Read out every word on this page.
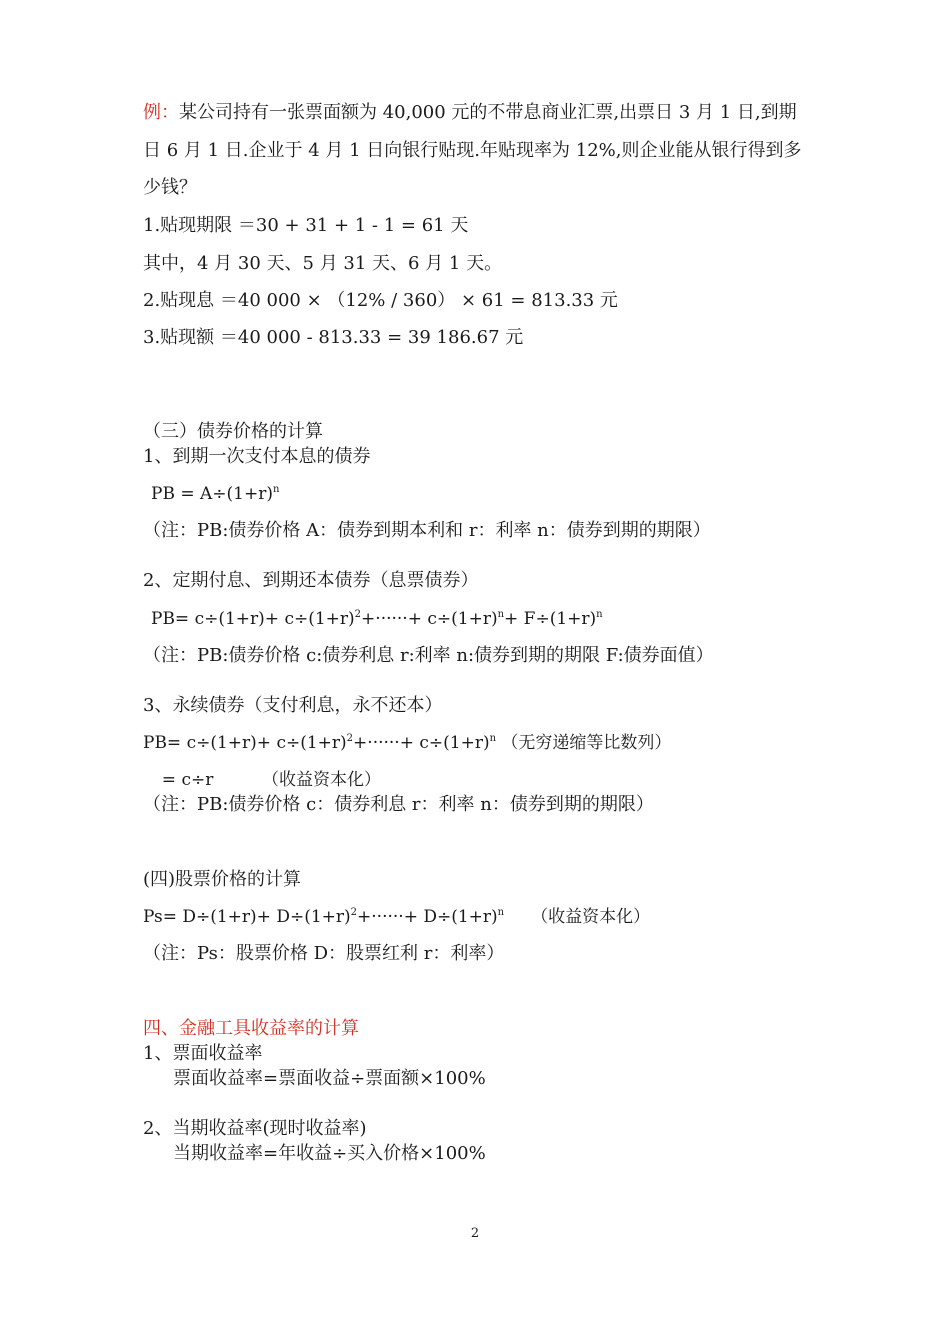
例：某公司持有一张票面额为 40,000 元的不带息商业汇票,出票日 3 月 1 日,到期
日 6 月 1 日.企业于 4 月 1 日向银行贴现.年贴现率为 12%,则企业能从银行得到多
少钱？
1.贴现期限 ＝30 + 31 + 1 - 1 = 61 天
其中，4 月 30 天、5 月 31 天、6 月 1 天。
2.贴现息 ＝40 000 × （12% / 360） × 61 = 813.33 元
3.贴现额 ＝40 000 - 813.33 = 39 186.67 元
（三）债券价格的计算
1、到期一次支付本息的债券
PB = $A\div(1+r)^n$
（注：PB:债券价格 A：债券到期本利和 r：利率 n：债券到期的期限）
2、定期付息、到期还本债券（息票债券）
$PB= c\div(1+r)+ c\div(1+r)^2+\cdot\cdot\cdot\cdot\cdot\cdot+ c\div(1+r)^n+ F\div(1+r)^n$
（注：PB:债券价格 c:债券利息 r:利率 n:债券到期的期限 F:债券面值）
3、永续债券（支付利息，永不还本）
$PB= c\div(1+r)+ c\div(1+r)^2+\cdot\cdot\cdot\cdot\cdot\cdot+ c\div(1+r)^n$ （无穷递缩等比数列）
= c÷r         （收益资本化）
（注：PB:债券价格 c：债券利息 r：利率 n：债券到期的期限）
(四)股票价格的计算
$Ps= D\div(1+r)+ D\div(1+r)^2+\cdot\cdot\cdot\cdot\cdot\cdot+ D\div(1+r)^n$     （收益资本化）
（注：Ps：股票价格 D：股票红利 r：利率）
四、金融工具收益率的计算
1、票面收益率
票面收益率=票面收益÷票面额×100%
2、当期收益率(现时收益率)
当期收益率=年收益÷买入价格×100%
2
